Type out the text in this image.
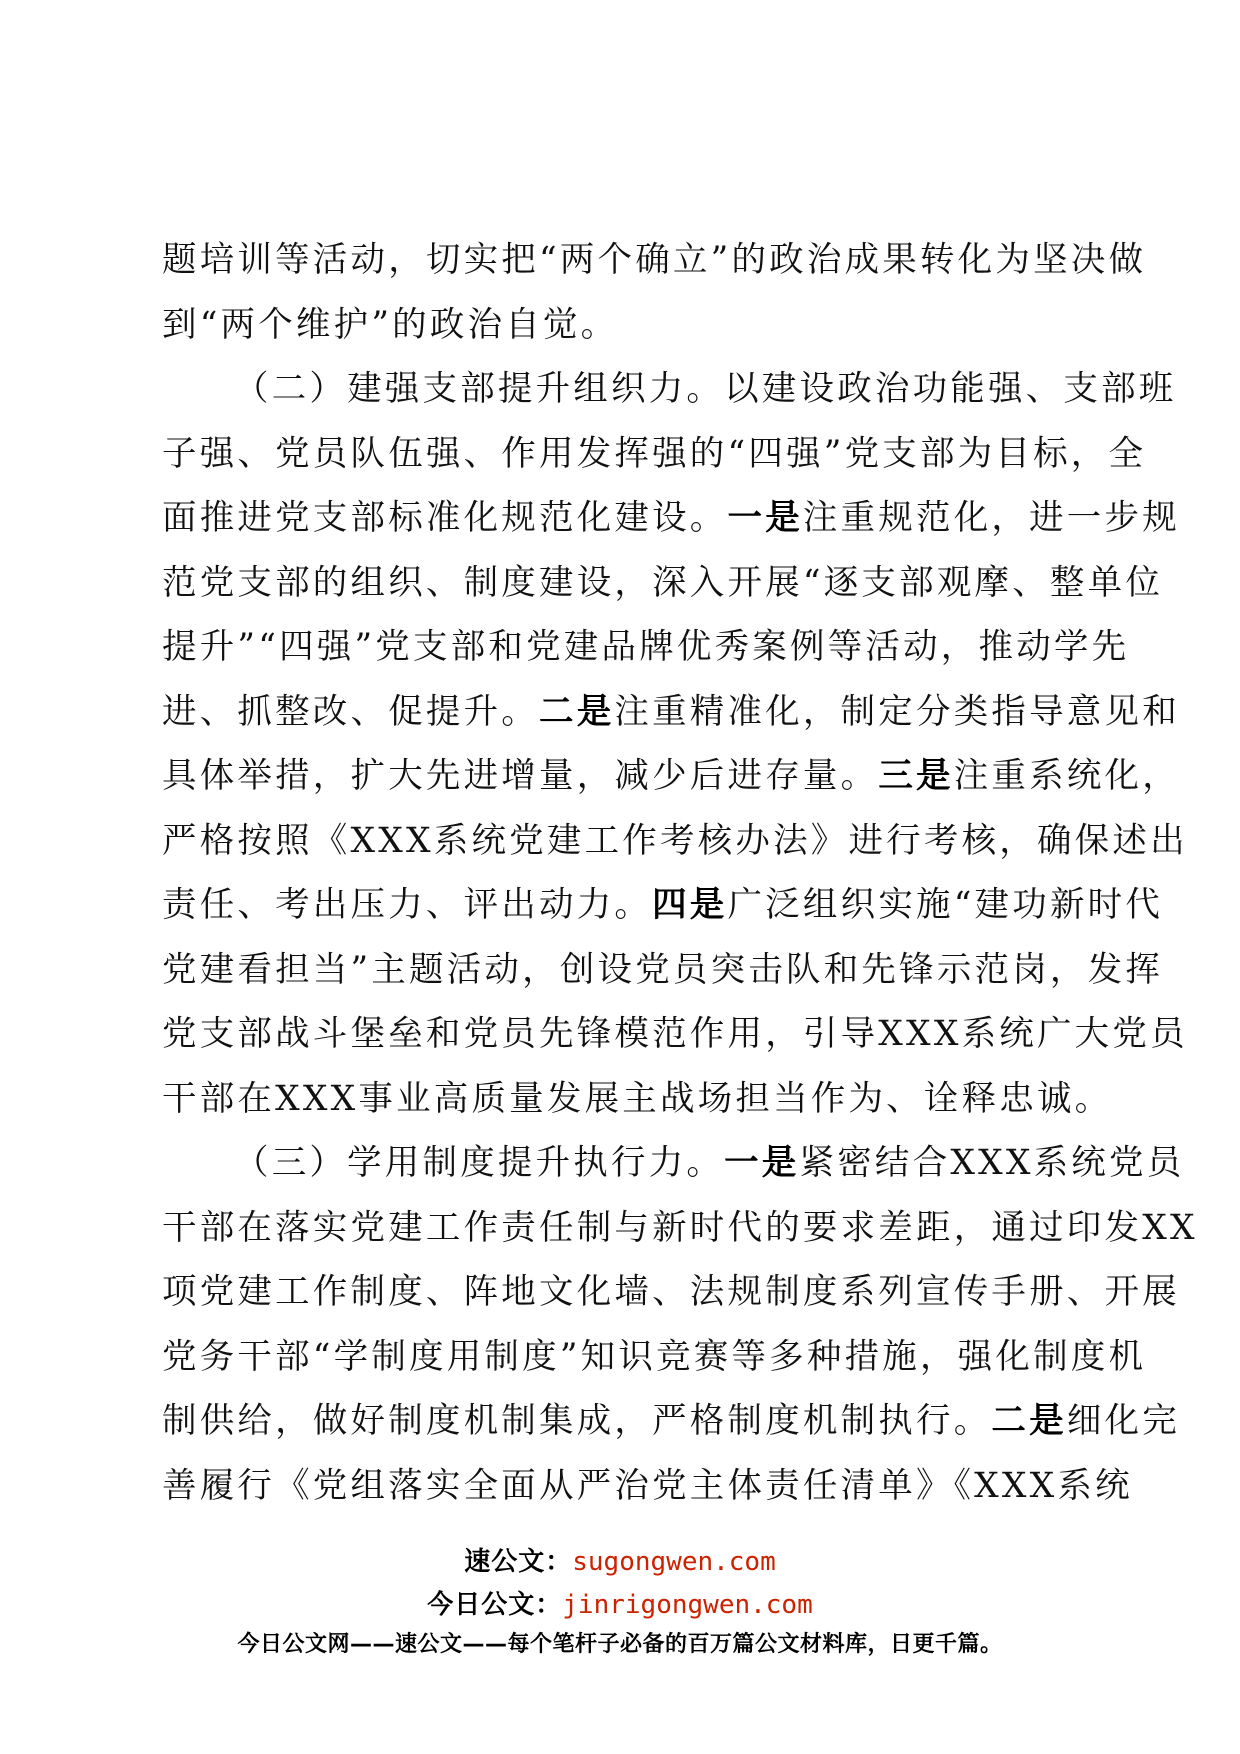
题培训等活动，切实把“两个确立”的政治成果转化为坚决做
到“两个维护”的政治自觉。
（二）建强支部提升组织力。以建设政治功能强、支部班
子强、党员队伍强、作用发挥强的“四强”党支部为目标，全
面推进党支部标准化规范化建设。一是注重规范化，进一步规
范党支部的组织、制度建设，深入开展“逐支部观摩、整单位
提升”“四强”党支部和党建品牌优秀案例等活动，推动学先
进、抓整改、促提升。二是注重精准化，制定分类指导意见和
具体举措，扩大先进增量，减少后进存量。三是注重系统化，
严格按照《XXX系统党建工作考核办法》进行考核，确保述出
责任、考出压力、评出动力。四是广泛组织实施“建功新时代
党建看担当”主题活动，创设党员突击队和先锋示范岗，发挥
党支部战斗堡垒和党员先锋模范作用，引导XXX系统广大党员
干部在XXX事业高质量发展主战场担当作为、诠释忠诚。
（三）学用制度提升执行力。一是紧密结合XXX系统党员
干部在落实党建工作责任制与新时代的要求差距，通过印发XX
项党建工作制度、阵地文化墙、法规制度系列宣传手册、开展
党务干部“学制度用制度”知识竞赛等多种措施，强化制度机
制供给，做好制度机制集成，严格制度机制执行。二是细化完
善履行《党组落实全面从严治党主体责任清单》《XXX系统
速公文：sugongwen.com
今日公文：jinrigongwen.com
今日公文网——速公文——每个笔杆子必备的百万篇公文材料库，日更千篇。
